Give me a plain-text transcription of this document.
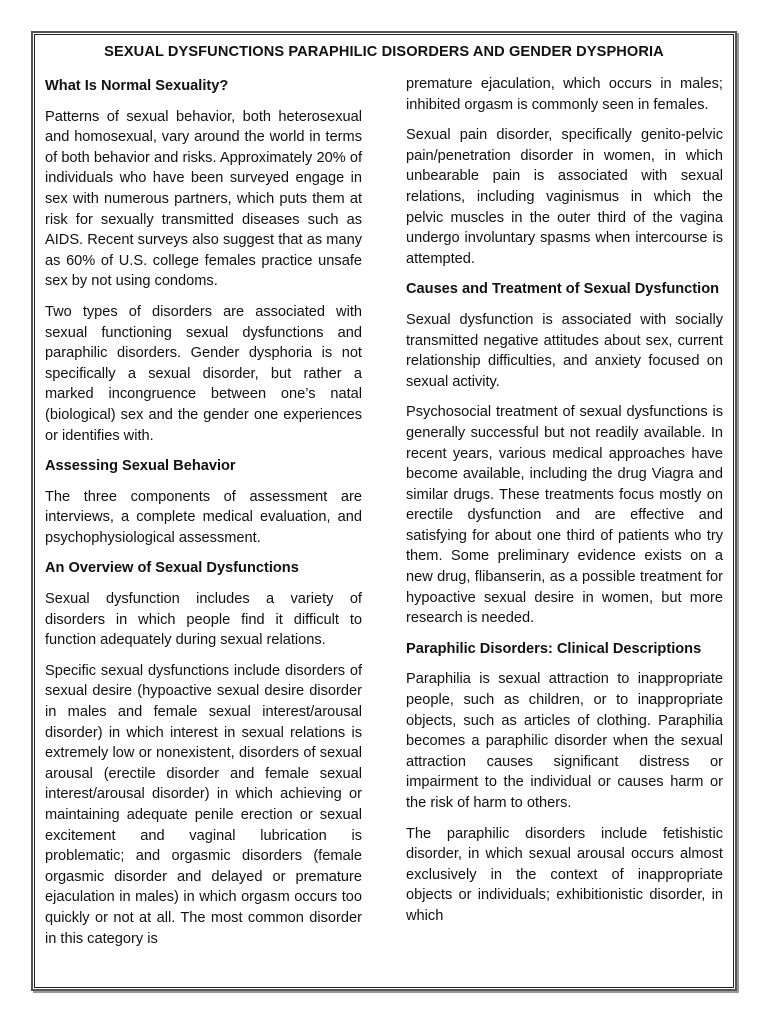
SEXUAL DYSFUNCTIONS PARAPHILIC DISORDERS AND GENDER DYSPHORIA
What Is Normal Sexuality?

Patterns of sexual behavior, both heterosexual and homosexual, vary around the world in terms of both behavior and risks. Approximately 20% of individuals who have been surveyed engage in sex with numerous partners, which puts them at risk for sexually transmitted diseases such as AIDS. Recent surveys also suggest that as many as 60% of U.S. college females practice unsafe sex by not using condoms.

Two types of disorders are associated with sexual functioning sexual dysfunctions and paraphilic disorders. Gender dysphoria is not specifically a sexual disorder, but rather a marked incongruence between one’s natal (biological) sex and the gender one experiences or identifies with.

Assessing Sexual Behavior

The three components of assessment are interviews, a complete medical evaluation, and psychophysiological assessment.

An Overview of Sexual Dysfunctions

Sexual dysfunction includes a variety of disorders in which people find it difficult to function adequately during sexual relations.

Specific sexual dysfunctions include disorders of sexual desire (hypoactive sexual desire disorder in males and female sexual interest/arousal disorder) in which interest in sexual relations is extremely low or nonexistent, disorders of sexual arousal (erectile disorder and female sexual interest/arousal disorder) in which achieving or maintaining adequate penile erection or sexual excitement and vaginal lubrication is problematic; and orgasmic disorders (female orgasmic disorder and delayed or premature ejaculation in males) in which orgasm occurs too quickly or not at all. The most common disorder in this category is

premature ejaculation, which occurs in males; inhibited orgasm is commonly seen in females.

Sexual pain disorder, specifically genito-pelvic pain/penetration disorder in women, in which unbearable pain is associated with sexual relations, including vaginismus in which the pelvic muscles in the outer third of the vagina undergo involuntary spasms when intercourse is attempted.

Causes and Treatment of Sexual Dysfunction

Sexual dysfunction is associated with socially transmitted negative attitudes about sex, current relationship difficulties, and anxiety focused on sexual activity.

Psychosocial treatment of sexual dysfunctions is generally successful but not readily available. In recent years, various medical approaches have become available, including the drug Viagra and similar drugs. These treatments focus mostly on erectile dysfunction and are effective and satisfying for about one third of patients who try them. Some preliminary evidence exists on a new drug, flibanserin, as a possible treatment for hypoactive sexual desire in women, but more research is needed.

Paraphilic Disorders: Clinical Descriptions

Paraphilia is sexual attraction to inappropriate people, such as children, or to inappropriate objects, such as articles of clothing. Paraphilia becomes a paraphilic disorder when the sexual attraction causes significant distress or impairment to the individual or causes harm or the risk of harm to others.

The paraphilic disorders include fetishistic disorder, in which sexual arousal occurs almost exclusively in the context of inappropriate objects or individuals; exhibitionistic disorder, in which
